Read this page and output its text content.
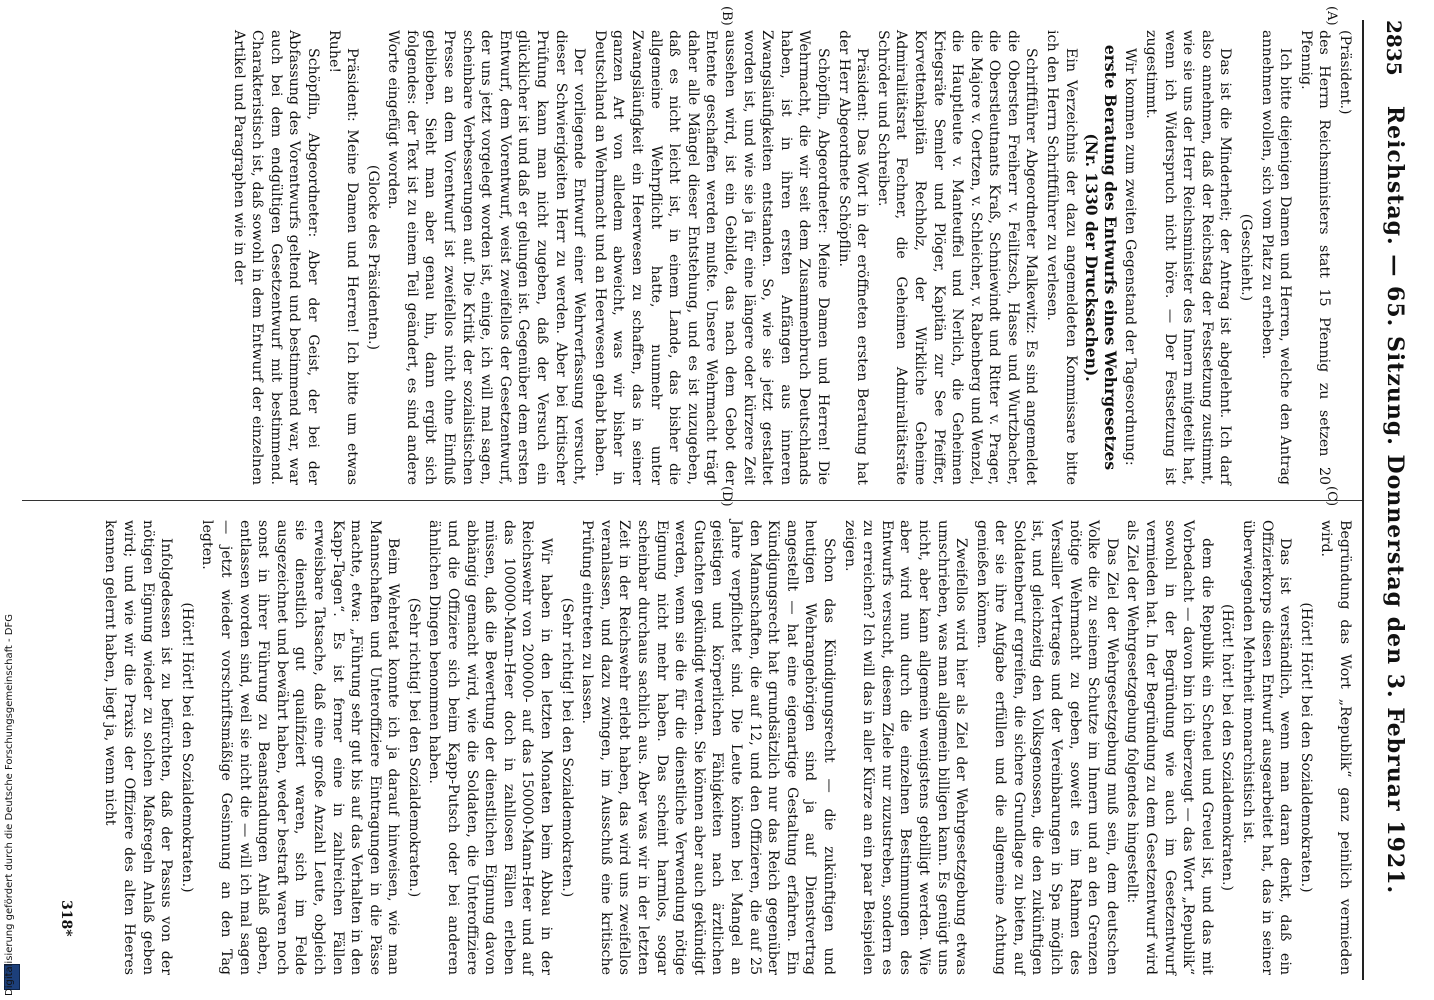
2835
Reichstag. — 65. Sitzung. Donnerstag den 3. Februar 1921.
(A)
(B)
(C)
(D)

(Präsident.)

des Herrn Reichsministers statt 15 Pfennig zu setzen 20 Pfennig.

Ich bitte diejenigen Damen und Herren, welche den Antrag annehmen wollen, sich vom Platz zu erheben.

(Geschieht.)

Das ist die Minderheit; der Antrag ist abgelehnt. Ich darf also annehmen, daß der Reichstag der Festsetzung zustimmt, wie sie uns der Herr Reichsminister des Innern mitgeteilt hat, wenn ich Widerspruch nicht höre. — Der Festsetzung ist zugestimmt.

Wir kommen zum zweiten Gegenstand der Tagesordnung:

erste Beratung des Entwurfs eines Wehrgesetzes (Nr. 1330 der Drucksachen).

Ein Verzeichnis der dazu angemeldeten Kommissare bitte ich den Herrn Schriftführer zu verlesen.

Schriftführer Abgeordneter Malkewitz: Es sind angemeldet die Obersten Freiherr v. Feilitzsch, Hasse und Wurtzbacher, die Oberstleutnants Kraß, Schniewindt und Ritter v. Prager, die Majore v. Oertzen, v. Schleicher, v. Rabenberg und Wenzel, die Hauptleute v. Manteuffel und Nerlich, die Geheimen Kriegsräte Semler und Plöger, Kapitän zur See Pfeiffer, Korvettenkapitän Rechholz, der Wirkliche Geheime Admiralitätsrat Fechner, die Geheimen Admiralitätsräte Schröder und Schreiber.

Präsident: Das Wort in der eröffneten ersten Beratung hat der Herr Abgeordnete Schöpflin.

Schöpflin, Abgeordneter: Meine Damen und Herren! Die Wehrmacht, die wir seit dem Zusammenbruch Deutschlands haben, ist in ihren ersten Anfängen aus inneren Zwangsläufigkeiten entstanden. So, wie sie jetzt gestaltet worden ist, und wie sie ja für eine längere oder kürzere Zeit aussehen wird, ist ein Gebilde, das nach dem Gebot der Entente geschaffen werden mußte. Unsere Wehrmacht trägt daher alle Mängel dieser Entstehung, und es ist zuzugeben, daß es nicht leicht ist, in einem Lande, das bisher die allgemeine Wehrpflicht hatte, nunmehr unter Zwangsläufigkeit ein Heerwesen zu schaffen, das in seiner ganzen Art von alledem abweicht, was wir bisher in Deutschland an Wehrmacht und an Heerwesen gehabt haben.

Der vorliegende Entwurf einer Wehrverfassung versucht, dieser Schwierigkeiten Herr zu werden. Aber bei kritischer Prüfung kann man nicht zugeben, daß der Versuch ein glücklicher ist und daß er gelungen ist. Gegenüber dem ersten Entwurf, dem Vorentwurf, weist zweifellos der Gesetzentwurf, der uns jetzt vorgelegt worden ist, einige, ich will mal sagen, scheinbare Verbesserungen auf. Die Kritik der sozialistischen Presse an dem Vorentwurf ist zweifellos nicht ohne Einfluß geblieben. Sieht man aber genau hin, dann ergibt sich folgendes: der Text ist zu einem Teil geändert, es sind andere Worte eingefügt worden.

(Glocke des Präsidenten.)

Präsident: Meine Damen und Herren! Ich bitte um etwas Ruhe!

Schöpflin, Abgeordneter: Aber der Geist, der bei der Abfassung des Vorentwurfs geltend und bestimmend war, war auch bei dem endgültigen Gesetzentwurf mit bestimmend. Charakteristisch ist, daß sowohl in dem Entwurf der einzelnen Artikel und Paragraphen wie in der

Begründung das Wort „Republik“ ganz peinlich vermieden wird.

(Hört! Hört! bei den Sozialdemokraten.)

Das ist verständlich, wenn man daran denkt, daß ein Offizierkorps diesen Entwurf ausgearbeitet hat, das in seiner überwiegenden Mehrheit monarchistisch ist.

(Hört! hört! bei den Sozialdemokraten.)

dem die Republik ein Scheuel und Greuel ist, und das mit Vorbedacht — davon bin ich überzeugt — das Wort „Republik“ sowohl in der Begründung wie auch im Gesetzentwurf vermieden hat. In der Begründung zu dem Gesetzentwurf wird als Ziel der Wehrgesetzgebung folgendes hingestellt:

Das Ziel der Wehrgesetzgebung muß sein, dem deutschen Volke die zu seinem Schutze im Innern und an den Grenzen nötige Wehrmacht zu geben, soweit es im Rahmen des Versailler Vertrages und der Vereinbarungen in Spa möglich ist, und gleichzeitig den Volksgenossen, die den zukünftigen Soldatenberuf ergreifen, die sichere Grundlage zu bieten, auf der sie ihre Aufgabe erfüllen und die allgemeine Achtung genießen können.

Zweifellos wird hier als Ziel der Wehrgesetzgebung etwas umschrieben, was man allgemein billigen kann. Es genügt uns nicht, aber kann allgemein wenigstens gebilligt werden. Wie aber wird nun durch die einzelnen Bestimmungen des Entwurfs versucht, diesem Ziele nur zuzustreben, sondern es zu erreichen? Ich will das in aller Kürze an ein paar Beispielen zeigen.

Schon das Kündigungsrecht — die zukünftigen und heutigen Wehrangehörigen sind ja auf Dienstvertrag angestellt — hat eine eigenartige Gestaltung erfahren. Ein Kündigungsrecht hat grundsätzlich nur das Reich gegenüber den Mannschaften, die auf 12, und den Offizieren, die auf 25 Jahre verpflichtet sind. Die Leute können bei Mangel an geistigen und körperlichen Fähigkeiten nach ärztlichen Gutachten gekündigt werden. Sie können aber auch gekündigt werden, wenn sie die für die dienstliche Verwendung nötige Eignung nicht mehr haben. Das scheint harmlos, sogar scheinbar durchaus sachlich aus. Aber was wir in der letzten Zeit in der Reichswehr erlebt haben, das wird uns zweifellos veranlassen, und dazu zwingen, im Ausschuß eine kritische Prüfung eintreten zu lassen.

(Sehr richtig! bei den Sozialdemokraten.)

Wir haben in den letzten Monaten beim Abbau in der Reichswehr von 200000- auf das 150000-Mann-Heer und auf das 100000-Mann-Heer doch in zahllosen Fällen erleben müssen, daß die Bewertung der dienstlichen Eignung davon abhängig gemacht wird, wie die Soldaten, die Unteroffiziere und die Offiziere sich beim Kapp-Putsch oder bei anderen ähnlichen Dingen benommen haben.

(Sehr richtig! bei den Sozialdemokraten.)

Beim Wehretat konnte ich ja darauf hinweisen, wie man Mannschaften und Unteroffiziere Eintragungen in die Pässe machte, etwa: „Führung sehr gut bis auf das Verhalten in den Kapp-Tagen“. Es ist ferner eine in zahlreichen Fällen erweisbare Tatsache, daß eine große Anzahl Leute, obgleich sie dienstlich gut qualifiziert waren, sich im Felde ausgezeichnet und bewährt haben, weder bestraft waren noch sonst in ihrer Führung zu Beanstandungen Anlaß gaben, entlassen worden sind, weil sie nicht die — will ich mal sagen — jetzt wieder vorschriftsmäßige Gesinnung an den Tag legten.

(Hört! Hört! bei den Sozialdemokraten.)

Infolgedessen ist zu befürchten, daß der Passus von der nötigen Eignung wieder zu solchen Maßregeln Anlaß geben wird; und wie wir die Praxis der Offiziere des alten Heeres kennen gelernt haben, liegt ja, wenn nicht

318*
Digitalisierung gefördert durch die Deutsche Forschungsgemeinschaft - DFG
